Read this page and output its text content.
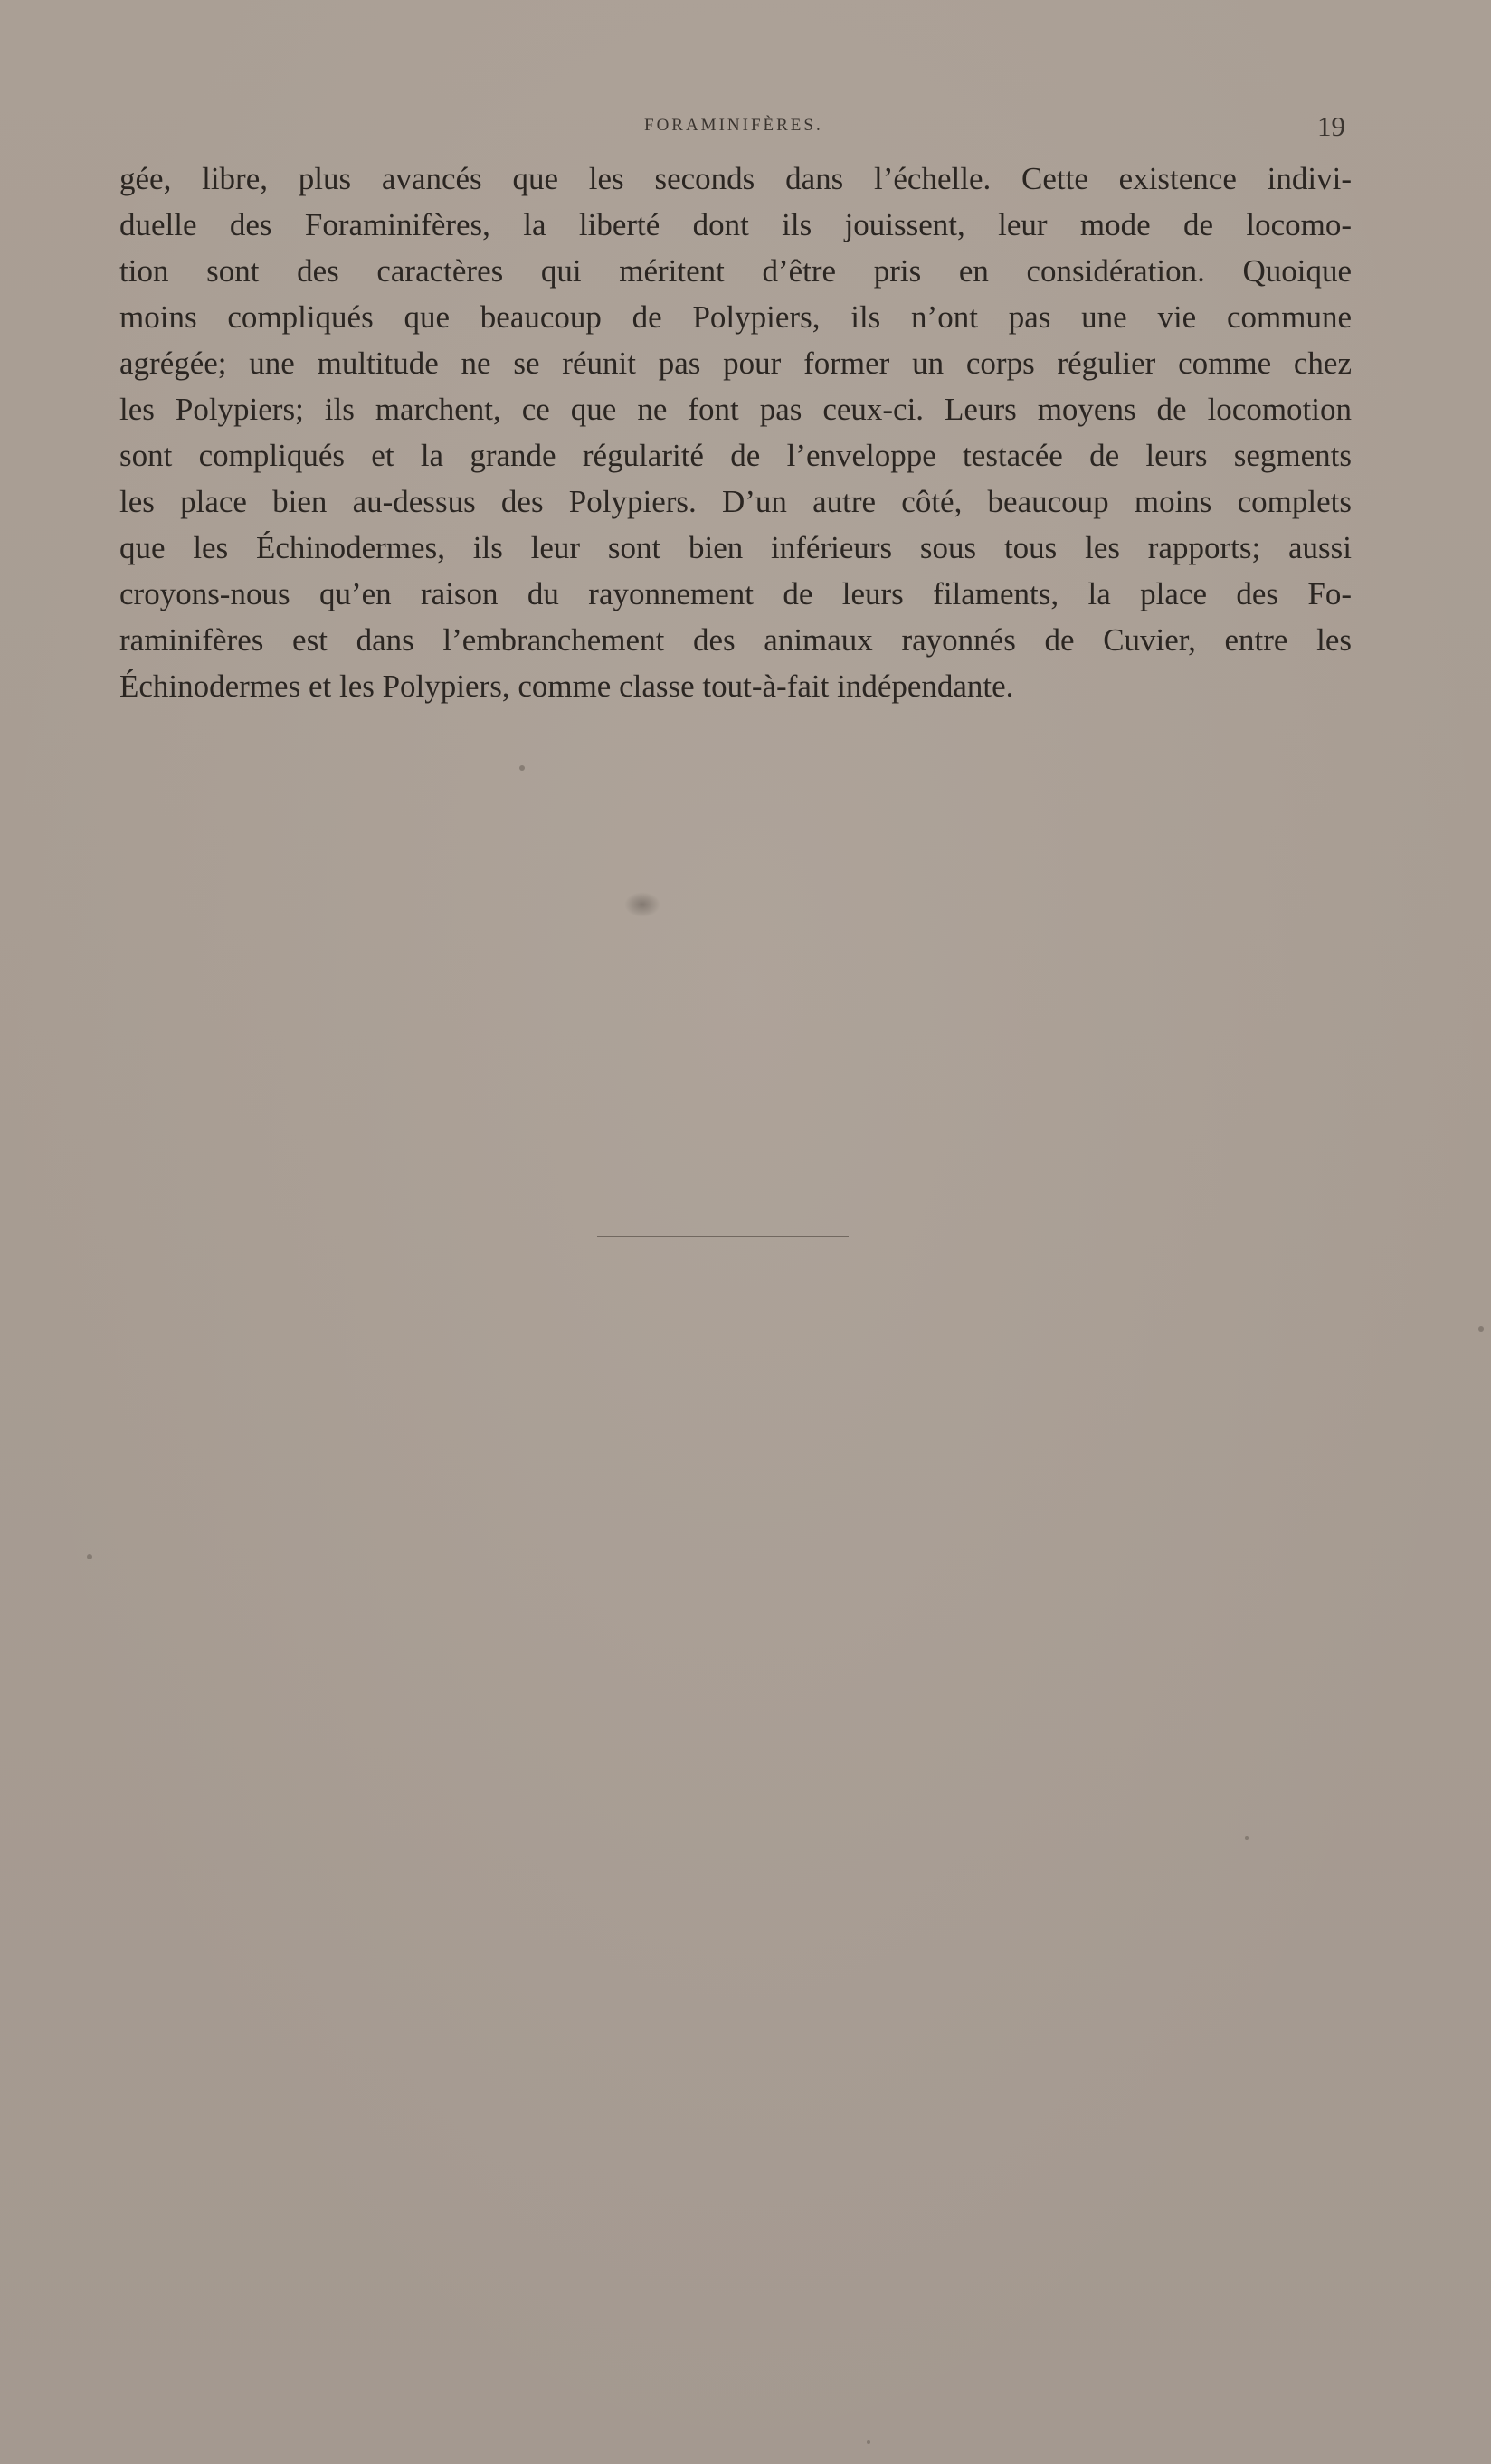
FORAMINIFÈRES.	19
gée, libre, plus avancés que les seconds dans l’échelle. Cette existence indivi-
duelle des Foraminifères, la liberté dont ils jouissent, leur mode de locomo-
tion sont des caractères qui méritent d’être pris en considération. Quoique
moins compliqués que beaucoup de Polypiers, ils n’ont pas une vie commune
agrégée; une multitude ne se réunit pas pour former un corps régulier comme chez
les Polypiers; ils marchent, ce que ne font pas ceux-ci. Leurs moyens de locomotion
sont compliqués et la grande régularité de l’enveloppe testacée de leurs segments
les place bien au-dessus des Polypiers. D’un autre côté, beaucoup moins complets
que les Échinodermes, ils leur sont bien inférieurs sous tous les rapports; aussi
croyons-nous qu’en raison du rayonnement de leurs filaments, la place des Fo-
raminifères est dans l’embranchement des animaux rayonnés de Cuvier, entre les
Échinodermes et les Polypiers, comme classe tout-à-fait indépendante.
